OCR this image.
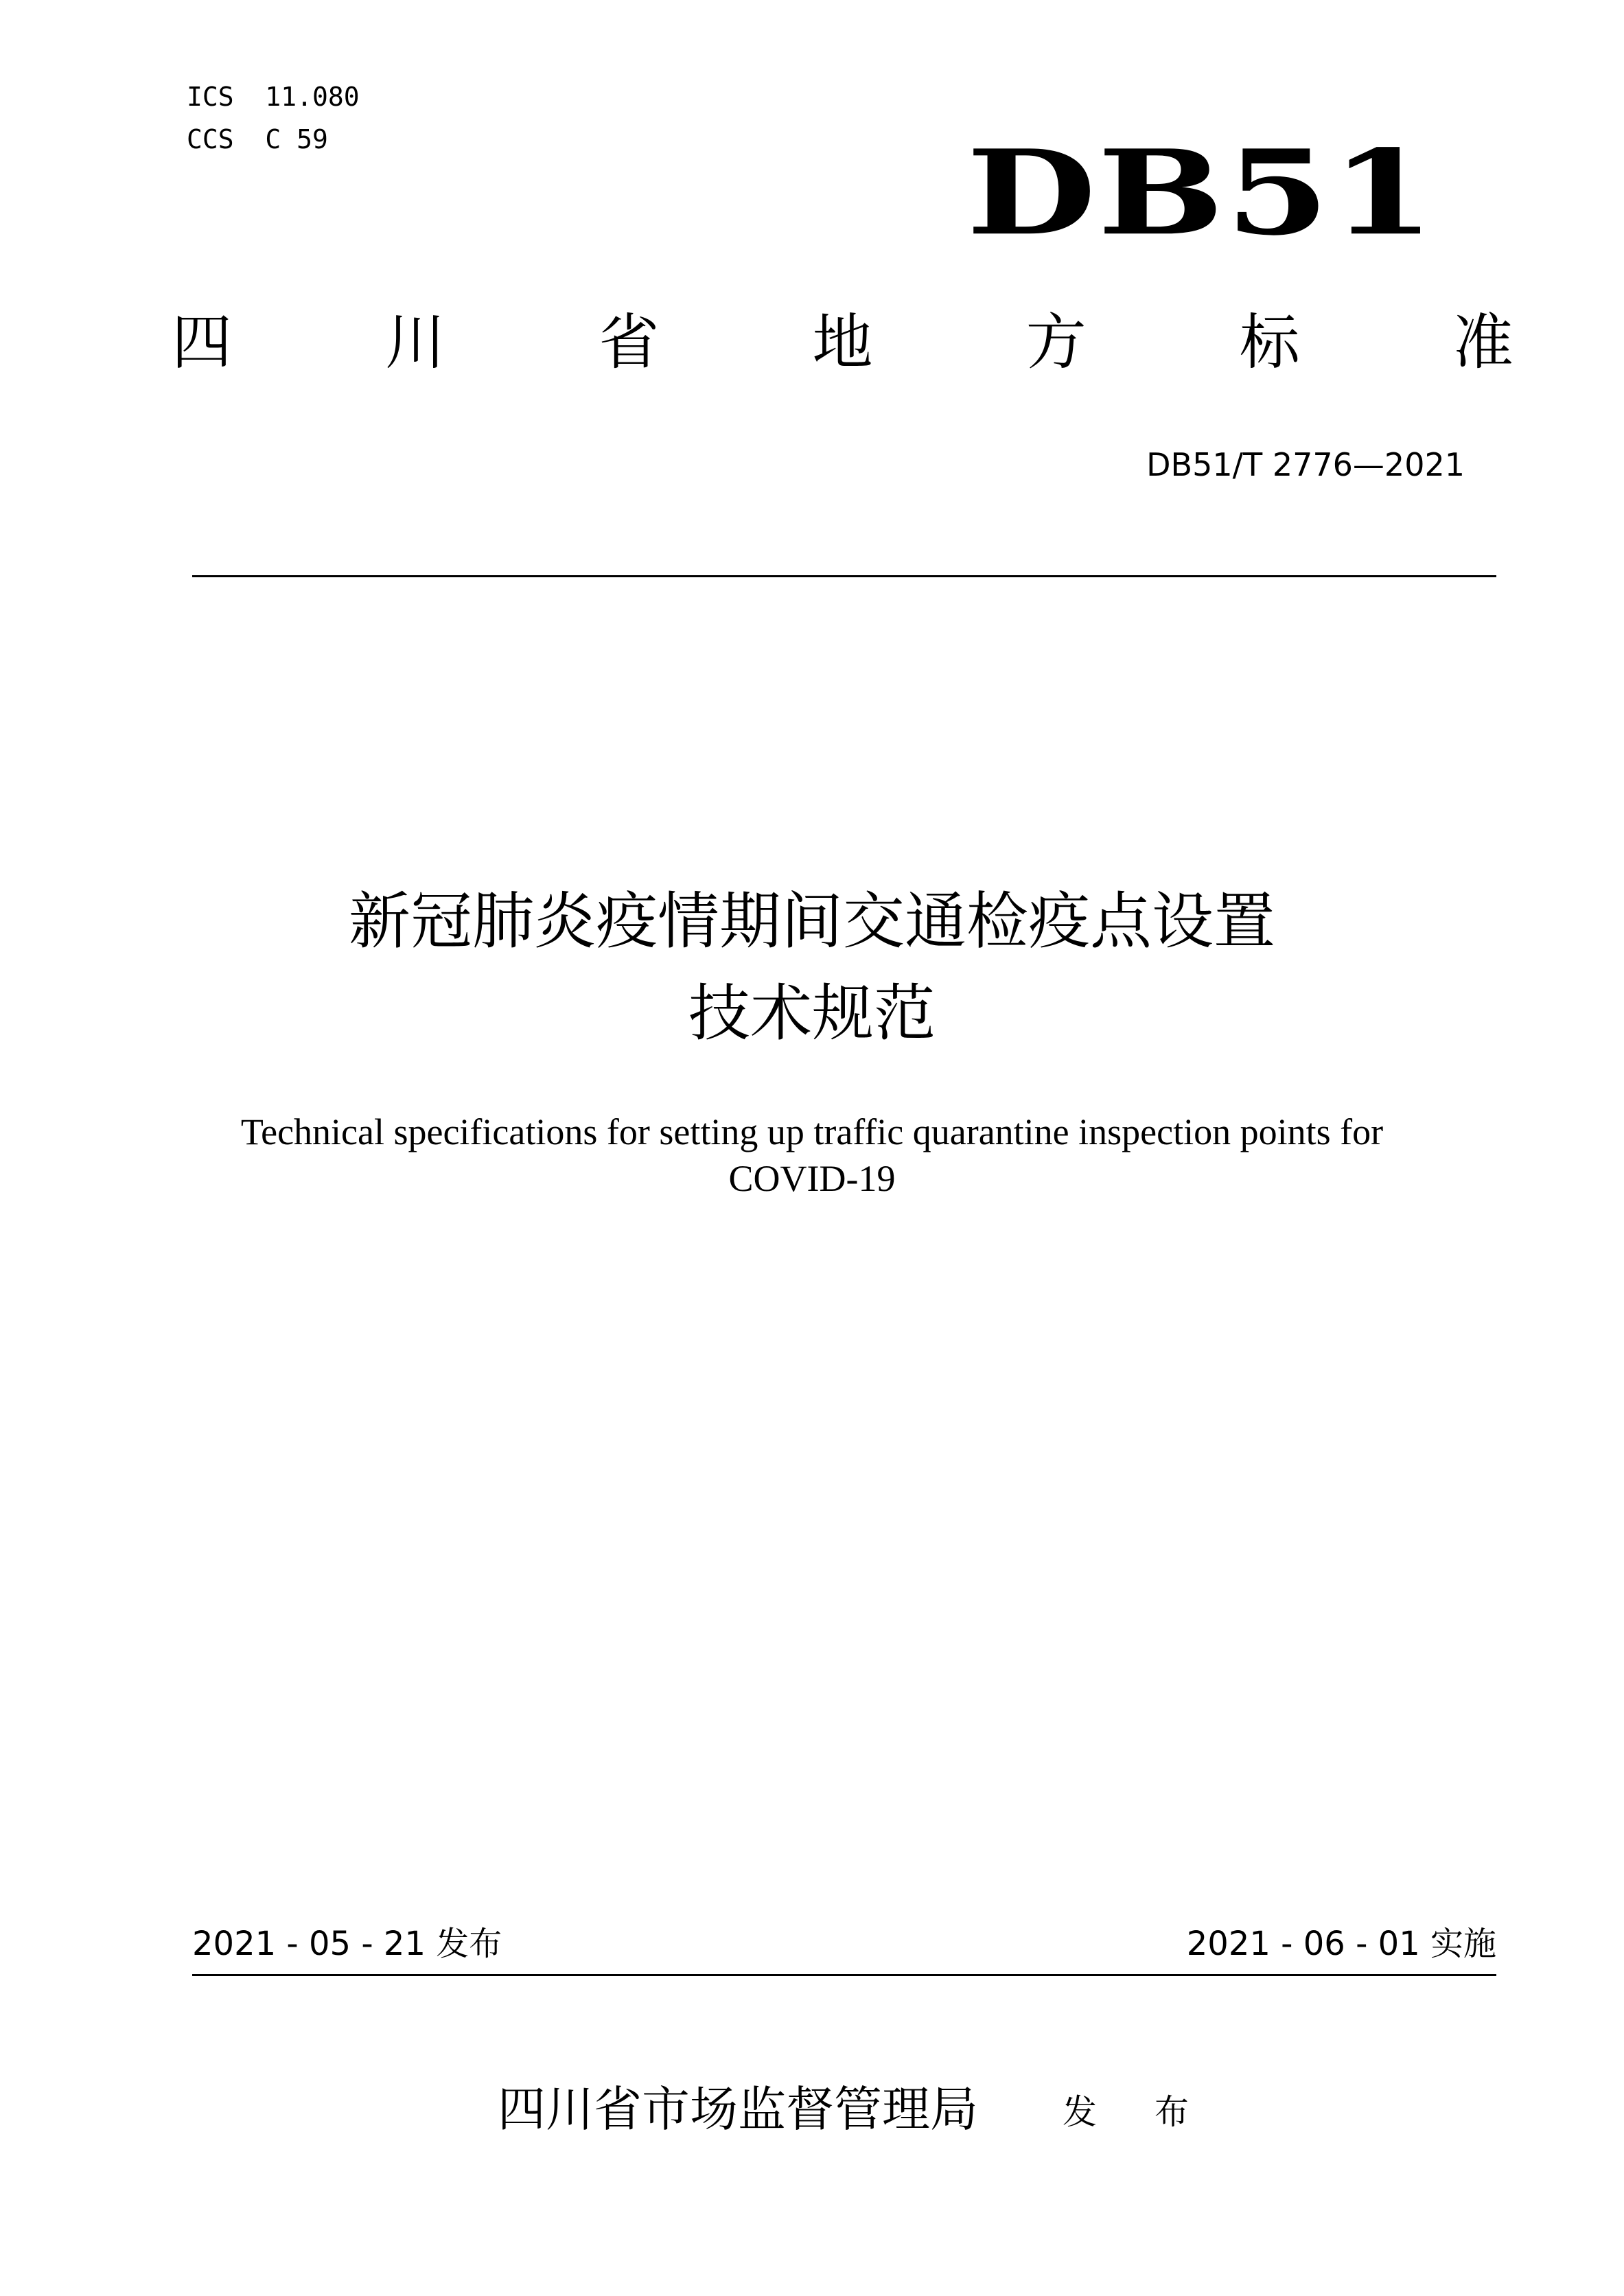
ICS  11.080
CCS  C 59	DB51
四	川	省	地	方	标	准
DB51/T 2776—2021
新冠肺炎疫情期间交通检疫点设置
技术规范
Technical specifications for setting up traffic quarantine inspection points for
COVID-19
2021 - 05 - 21 发布	2021 - 06 - 01 实施
四川省市场监督管理局 发 布
